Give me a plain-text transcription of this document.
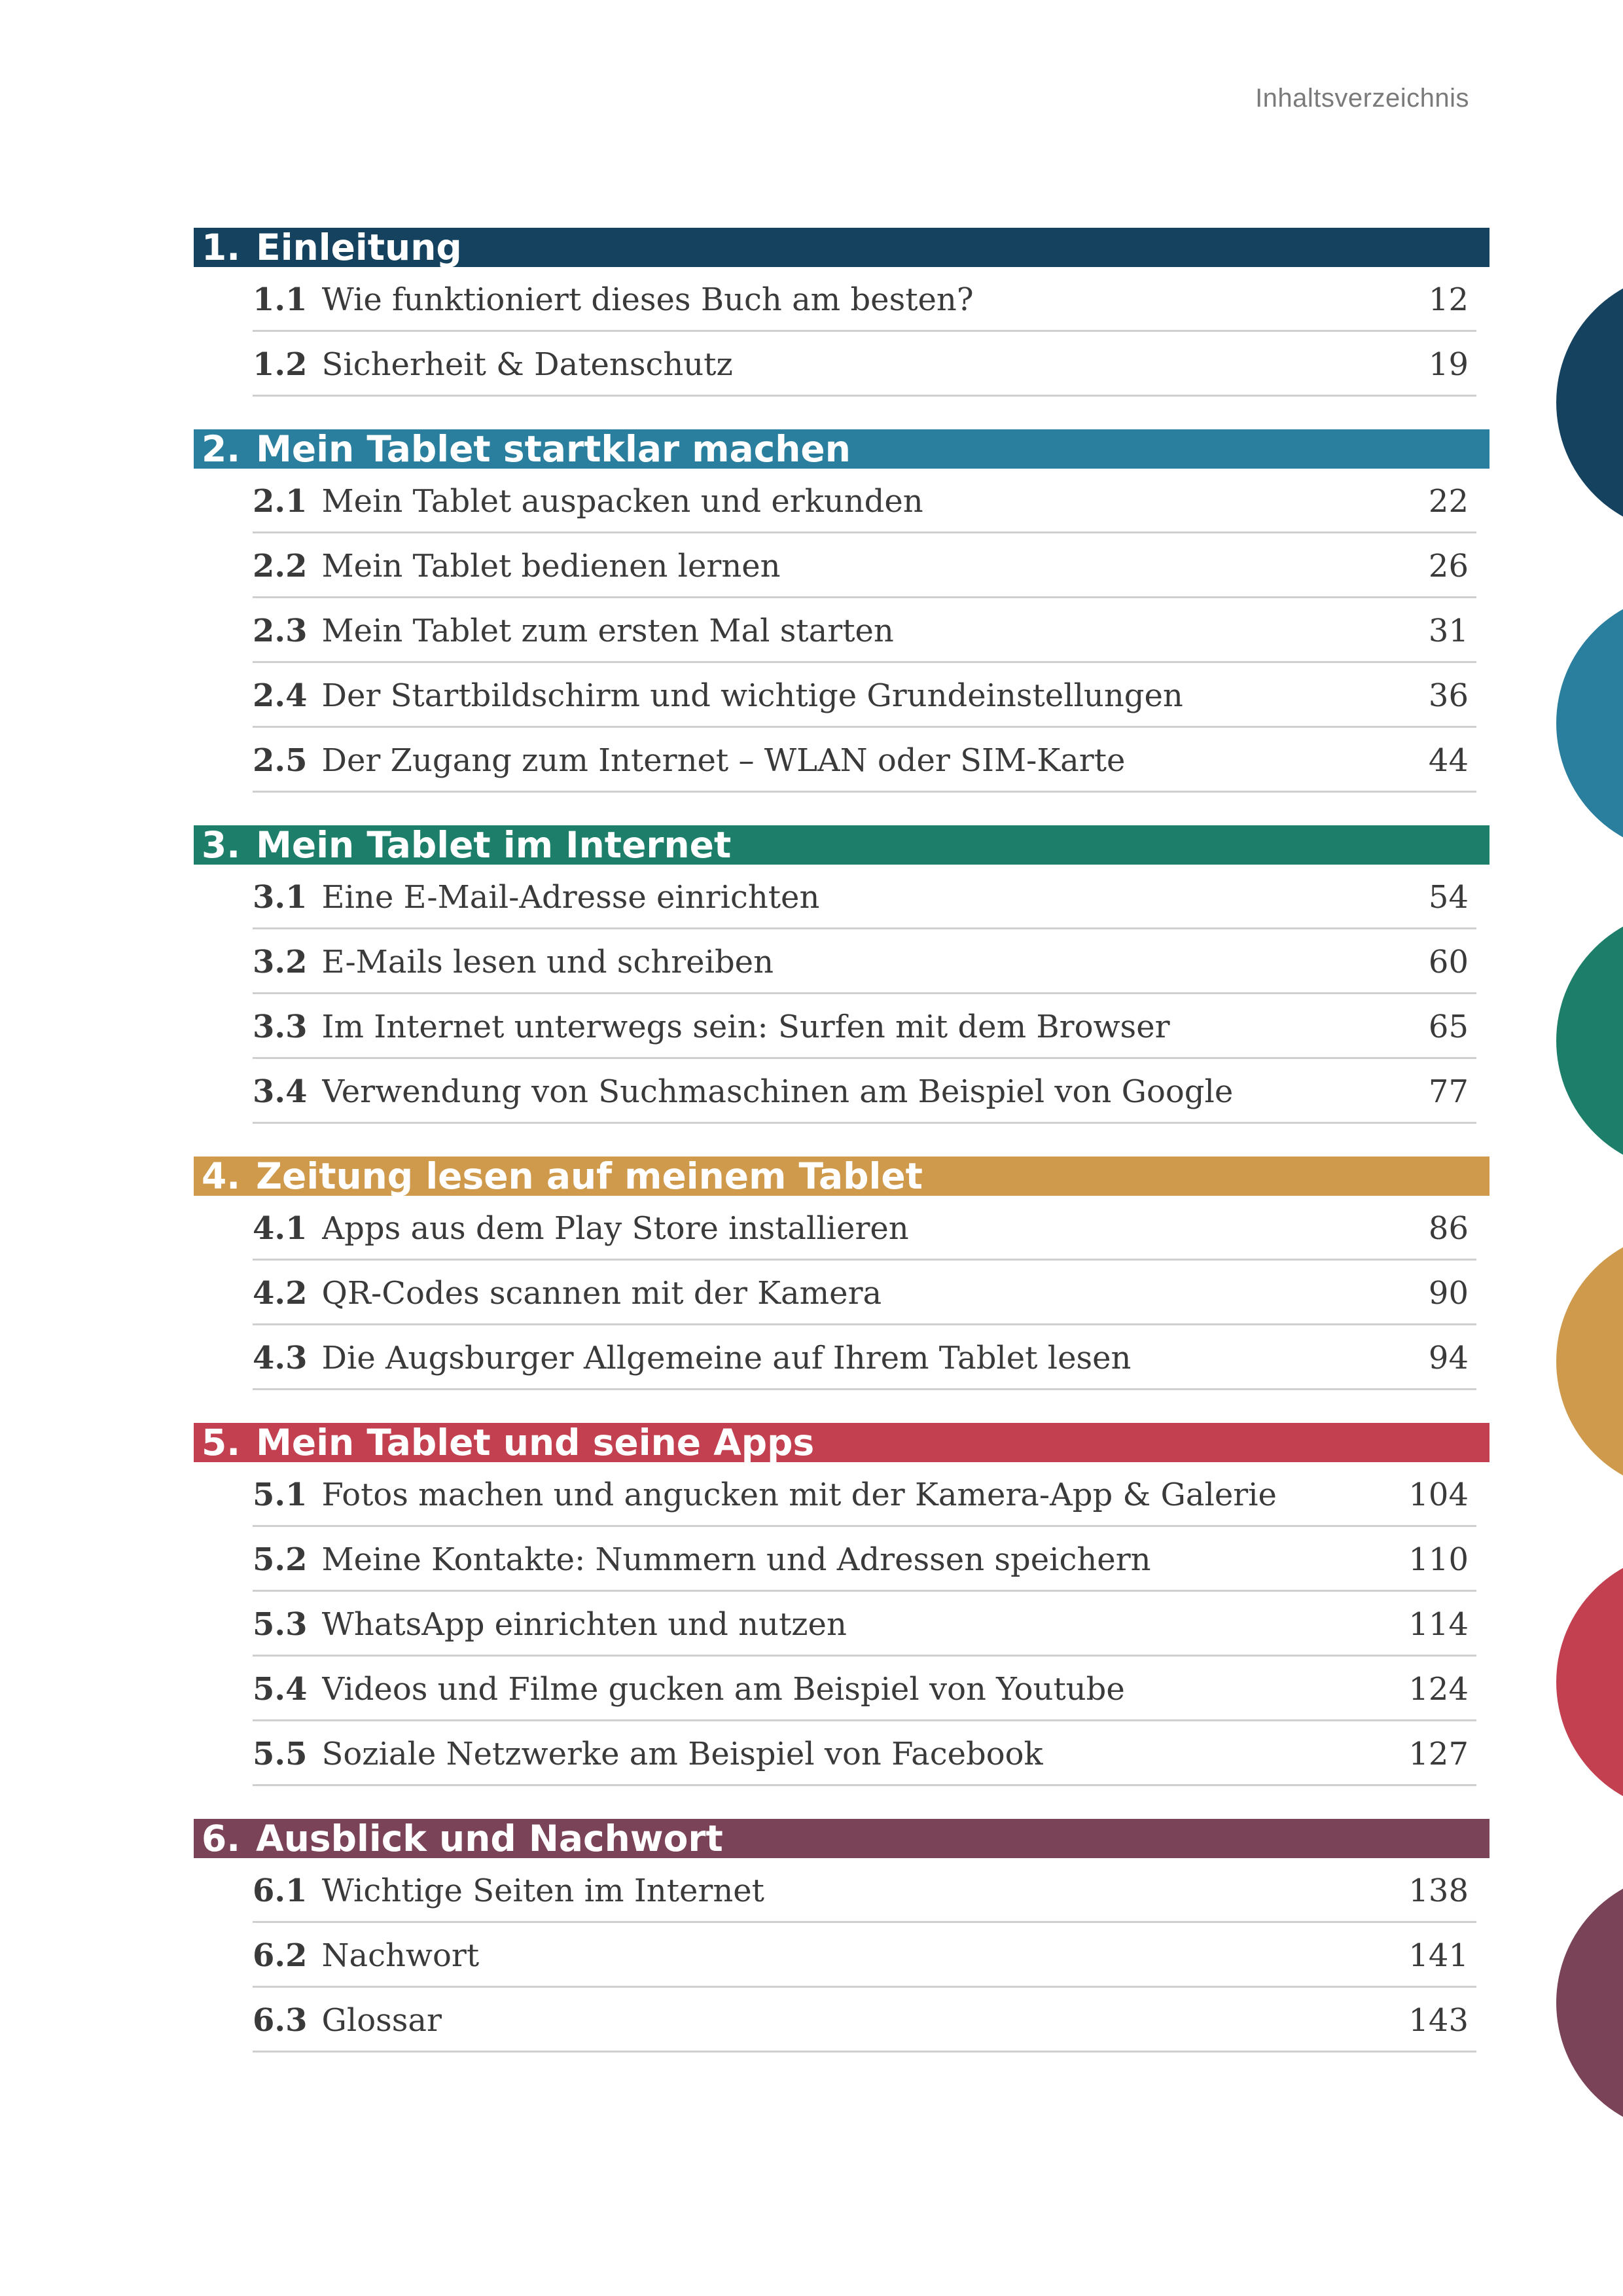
Inhaltsverzeichnis
1. Einleitung
1.1 Wie funktioniert dieses Buch am besten?	12
1.2 Sicherheit & Datenschutz	19
2. Mein Tablet startklar machen
2.1 Mein Tablet auspacken und erkunden	22
2.2 Mein Tablet bedienen lernen	26
2.3 Mein Tablet zum ersten Mal starten	31
2.4 Der Startbildschirm und wichtige Grundeinstellungen	36
2.5 Der Zugang zum Internet – WLAN oder SIM-Karte	44
3. Mein Tablet im Internet
3.1 Eine E-Mail-Adresse einrichten	54
3.2 E-Mails lesen und schreiben	60
3.3 Im Internet unterwegs sein: Surfen mit dem Browser	65
3.4 Verwendung von Suchmaschinen am Beispiel von Google	77
4. Zeitung lesen auf meinem Tablet
4.1 Apps aus dem Play Store installieren	86
4.2 QR-Codes scannen mit der Kamera	90
4.3 Die Augsburger Allgemeine auf Ihrem Tablet lesen	94
5. Mein Tablet und seine Apps
5.1 Fotos machen und angucken mit der Kamera-App & Galerie	104
5.2 Meine Kontakte: Nummern und Adressen speichern	110
5.3 WhatsApp einrichten und nutzen	114
5.4 Videos und Filme gucken am Beispiel von Youtube	124
5.5 Soziale Netzwerke am Beispiel von Facebook	127
6. Ausblick und Nachwort
6.1 Wichtige Seiten im Internet	138
6.2 Nachwort	141
6.3 Glossar	143
